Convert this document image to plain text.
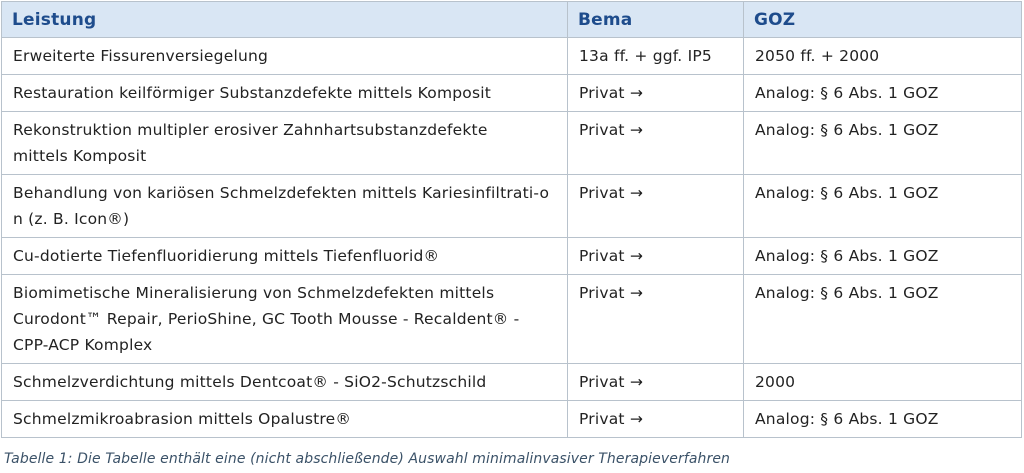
Leistung	Bema	GOZ
Erweiterte Fissurenversiegelung	13a ff. + ggf. IP5	2050 ff. + 2000
Restauration keilförmiger Substanzdefekte mittels Komposit	Privat →	Analog: § 6 Abs. 1 GOZ

Rekonstruktion multipler erosiver Zahnhartsubstanzdefekte mittels Komposit	Privat →	Analog: § 6 Abs. 1 GOZ

Behandlung von kariösen Schmelzdefekten mittels Kariesinfiltrati-on (z. B. Icon®)	Privat →	Analog: § 6 Abs. 1 GOZ
Cu-dotierte Tiefenfluoridierung mittels Tiefenfluorid®	Privat →	Analog: § 6 Abs. 1 GOZ

Biomimetische Mineralisierung von Schmelzdefekten mittels Curodont™ Repair, PerioShine, GC Tooth Mousse - Recaldent® - CPP-ACP Komplex	Privat →	Analog: § 6 Abs. 1 GOZ
Schmelzverdichtung mittels Dentcoat® - SiO2-Schutzschild	Privat →	2000
Schmelzmikroabrasion mittels Opalustre®	Privat →	Analog: § 6 Abs. 1 GOZ
Tabelle 1: Die Tabelle enthält eine (nicht abschließende) Auswahl minimalinvasiver Therapieverfahren
